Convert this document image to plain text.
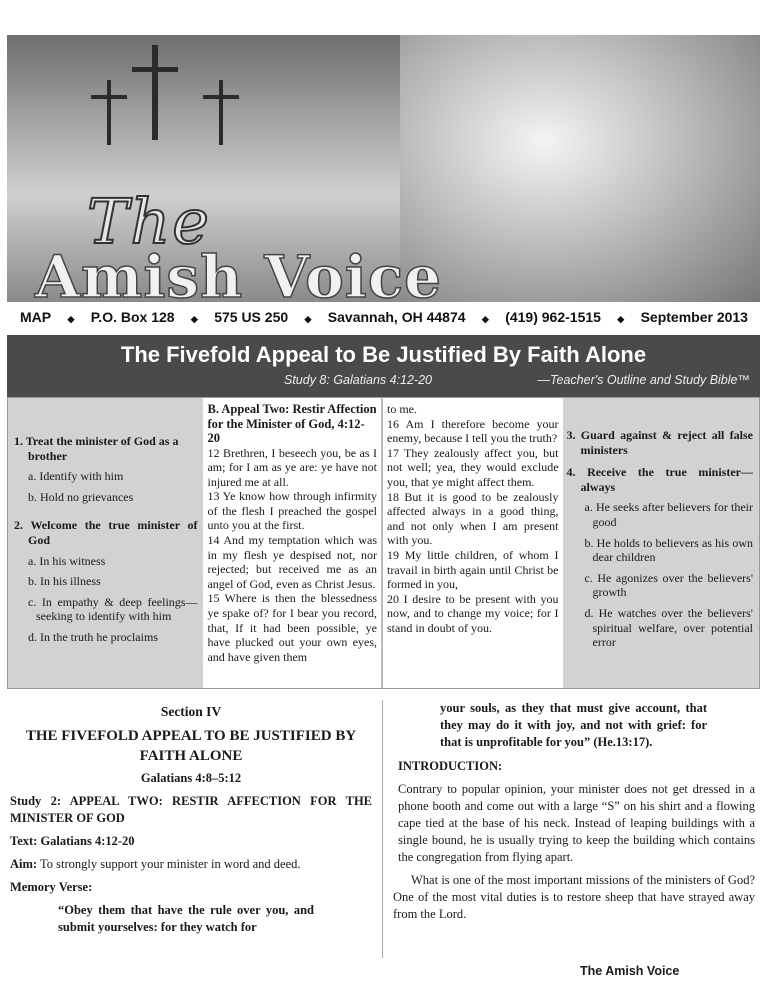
The
Amish Voice
MAP ◆ P.O. Box 128 ◆ 575 US 250 ◆ Savannah, OH 44874 ◆ (419) 962-1515 ◆ September 2013
The Fivefold Appeal to Be Justified By Faith Alone
Study 8: Galatians 4:12-20	—Teacher's Outline and Study Bible™
1. Treat the minister of God as a brother
a. Identify with him
b. Hold no grievances
2. Welcome the true minister of God
a. In his witness
b. In his illness
c. In empathy & deep feelings—seeking to identify with him
d. In the truth he proclaims
B. Appeal Two: Restir Affection for the Minister of God, 4:12-20
12 Brethren, I beseech you, be as I am; for I am as ye are: ye have not injured me at all.
13 Ye know how through infirmity of the flesh I preached the gospel unto you at the first.
14 And my temptation which was in my flesh ye despised not, nor rejected; but received me as an angel of God, even as Christ Jesus.
15 Where is then the blessedness ye spake of? for I bear you record, that, If it had been possible, ye have plucked out your own eyes, and have given them
to me.
16 Am I therefore become your enemy, because I tell you the truth?
17 They zealously affect you, but not well; yea, they would exclude you, that ye might affect them.
18 But it is good to be zealously affected always in a good thing, and not only when I am present with you.
19 My little children, of whom I travail in birth again until Christ be formed in you,
20 I desire to be present with you now, and to change my voice; for I stand in doubt of you.
3. Guard against & reject all false ministers
4. Receive the true minister—always
a. He seeks after believers for their good
b. He holds to believers as his own dear children
c. He agonizes over the believers' growth
d. He watches over the believers' spiritual welfare, over potential error
Section IV
THE FIVEFOLD APPEAL TO BE JUSTIFIED BY FAITH ALONE
Galatians 4:8–5:12
Study 2: APPEAL TWO: RESTIR AFFECTION FOR THE MINISTER OF GOD
Text: Galatians 4:12-20
Aim: To strongly support your minister in word and deed.
Memory Verse:
“Obey them that have the rule over you, and submit yourselves: for they watch for
your souls, as they that must give account, that they may do it with joy, and not with grief: for that is unprofitable for you” (He.13:17).
INTRODUCTION:
Contrary to popular opinion, your minister does not get dressed in a phone booth and come out with a large “S” on his shirt and a flowing cape tied at the base of his neck. Instead of leaping buildings with a single bound, he is usually trying to keep the building which contains the congregation from flying apart.
What is one of the most important missions of the ministers of God? One of the most vital duties is to restore sheep that have strayed away from the Lord.
The Amish Voice
